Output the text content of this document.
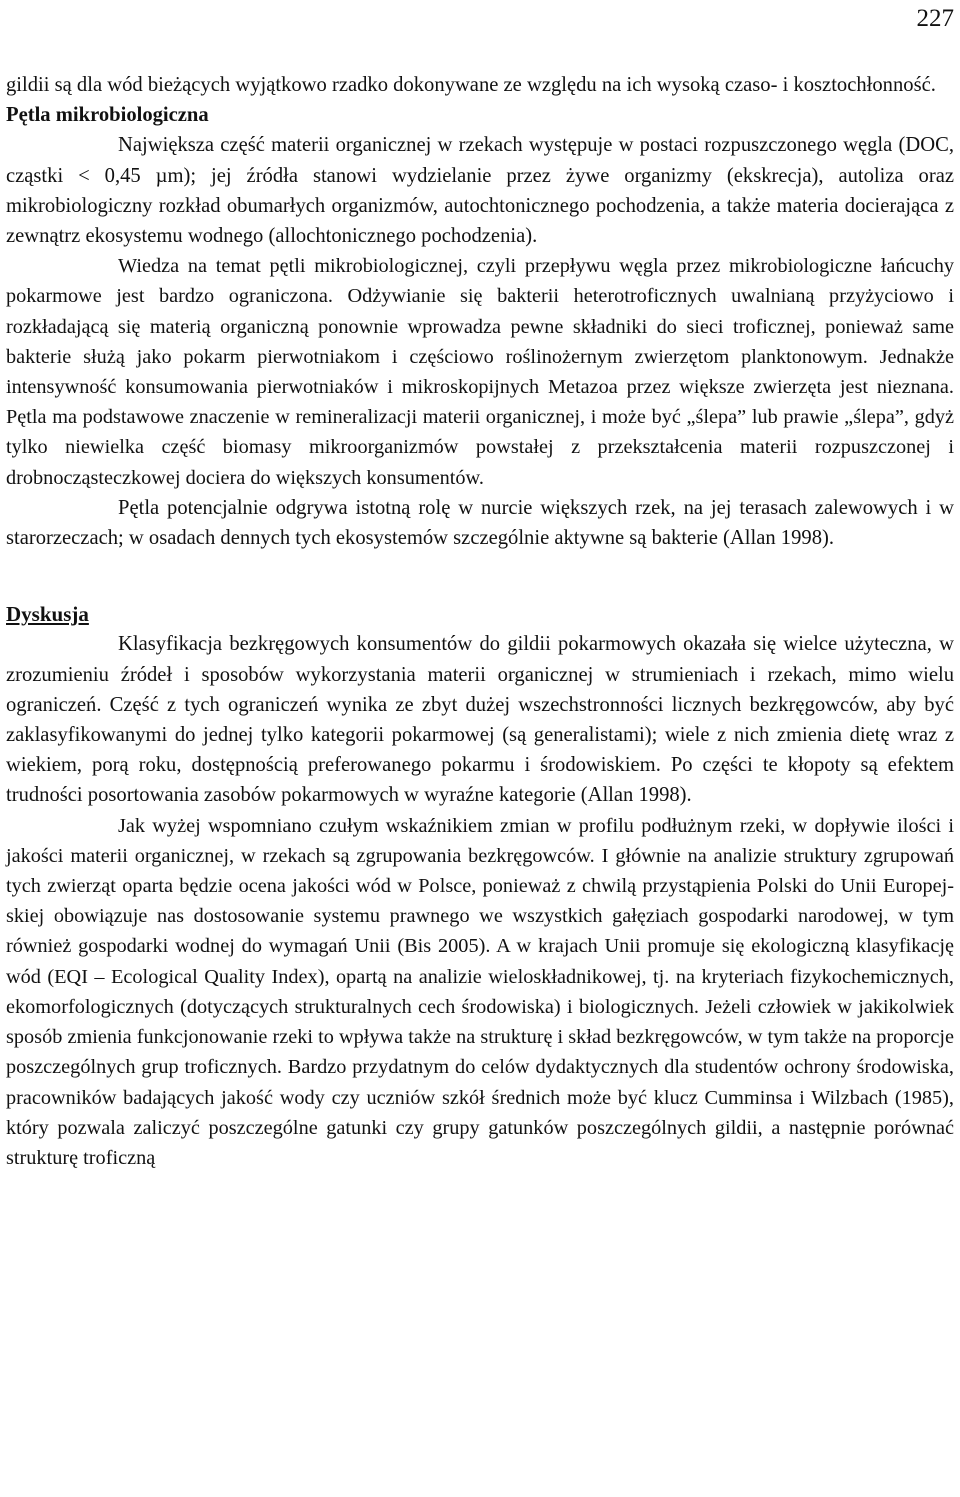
227

gildii są dla wód bieżących wyjątkowo rzadko dokonywane ze względu na ich wysoką czaso- i kosztochłonność.

Pętla mikrobiologiczna

Największa część materii organicznej w rzekach występuje w postaci rozpuszczonego węgla (DOC, cząstki < 0,45 µm); jej źródła stanowi wydzielanie przez żywe organizmy (ekskrecja), autoliza oraz mikrobiologiczny rozkład obumarłych organizmów, autochtonicznego pochodzenia, a także materia docierająca z zewnątrz ekosystemu wodnego (allochtonicznego pochodzenia).

Wiedza na temat pętli mikrobiologicznej, czyli przepływu węgla przez mikrobiologiczne łańcuchy pokarmowe jest bardzo ograniczona. Odżywianie się bakterii heterotroficznych uwalnianą przyżyciowo i rozkładającą się materią organiczną ponownie wprowadza pewne składniki do sieci troficznej, ponieważ same bakterie służą jako pokarm pierwotniakom i częściowo roślinożernym zwierzętom planktonowym. Jednakże intensywność konsumowania pierwotniaków i mikroskopijnych Metazoa przez większe zwierzęta jest nieznana. Pętla ma podstawowe znaczenie w remineralizacji materii organicznej, i może być „ślepa” lub prawie „ślepa”, gdyż tylko niewielka część biomasy mikroorganizmów powstałej z przekształcenia materii rozpuszczonej i drobnocząsteczkowej dociera do większych konsumentów.

Pętla potencjalnie odgrywa istotną rolę w nurcie większych rzek, na jej terasach zalewowych i w starorzeczach; w osadach dennych tych ekosystemów szczególnie aktywne są bakterie (Allan 1998).

Dyskusja

Klasyfikacja bezkręgowych konsumentów do gildii pokarmowych okazała się wielce użyteczna, w zrozumieniu źródeł i sposobów wykorzystania materii organicznej w strumieniach i rzekach, mimo wielu ograniczeń. Część z tych ograniczeń wynika ze zbyt dużej wszechstronności licznych bezkręgowców, aby być zaklasyfikowanymi do jednej tylko kategorii pokarmowej (są generalistami); wiele z nich zmienia dietę wraz z wiekiem, porą roku, dostępnością preferowanego pokarmu i środowiskiem. Po części te kłopoty są efektem trudności posortowania zasobów pokarmowych w wyraźne kategorie (Allan 1998).

Jak wyżej wspomniano czułym wskaźnikiem zmian w profilu podłużnym rzeki, w dopływie ilości i jakości materii organicznej, w rzekach są zgrupowania bezkręgowców. I głównie na analizie struktury zgrupowań tych zwierząt oparta będzie ocena jakości wód w Polsce, ponieważ z chwilą przystąpienia Polski do Unii Europejskiej obowiązuje nas dostosowanie systemu prawnego we wszystkich gałęziach gospodarki narodowej, w tym również gospodarki wodnej do wymagań Unii (Bis 2005). A w krajach Unii promuje się ekologiczną klasyfikację wód (EQI – Ecological Quality Index), opartą na analizie wieloskładnikowej, tj. na kryteriach fizykochemicznych, ekomorfologicznych (dotyczących strukturalnych cech środowiska) i biologicznych. Jeżeli człowiek w jakikolwiek sposób zmienia funkcjonowanie rzeki to wpływa także na strukturę i skład bezkręgowców, w tym także na proporcje poszczególnych grup troficznych. Bardzo przydatnym do celów dydaktycznych dla studentów ochrony środowiska, pracowników badających jakość wody czy uczniów szkół średnich może być klucz Cumminsa i Wilzbach (1985), który pozwala zaliczyć poszczególne gatunki czy grupy gatunków poszczególnych gildii, a następnie porównać strukturę troficzną
